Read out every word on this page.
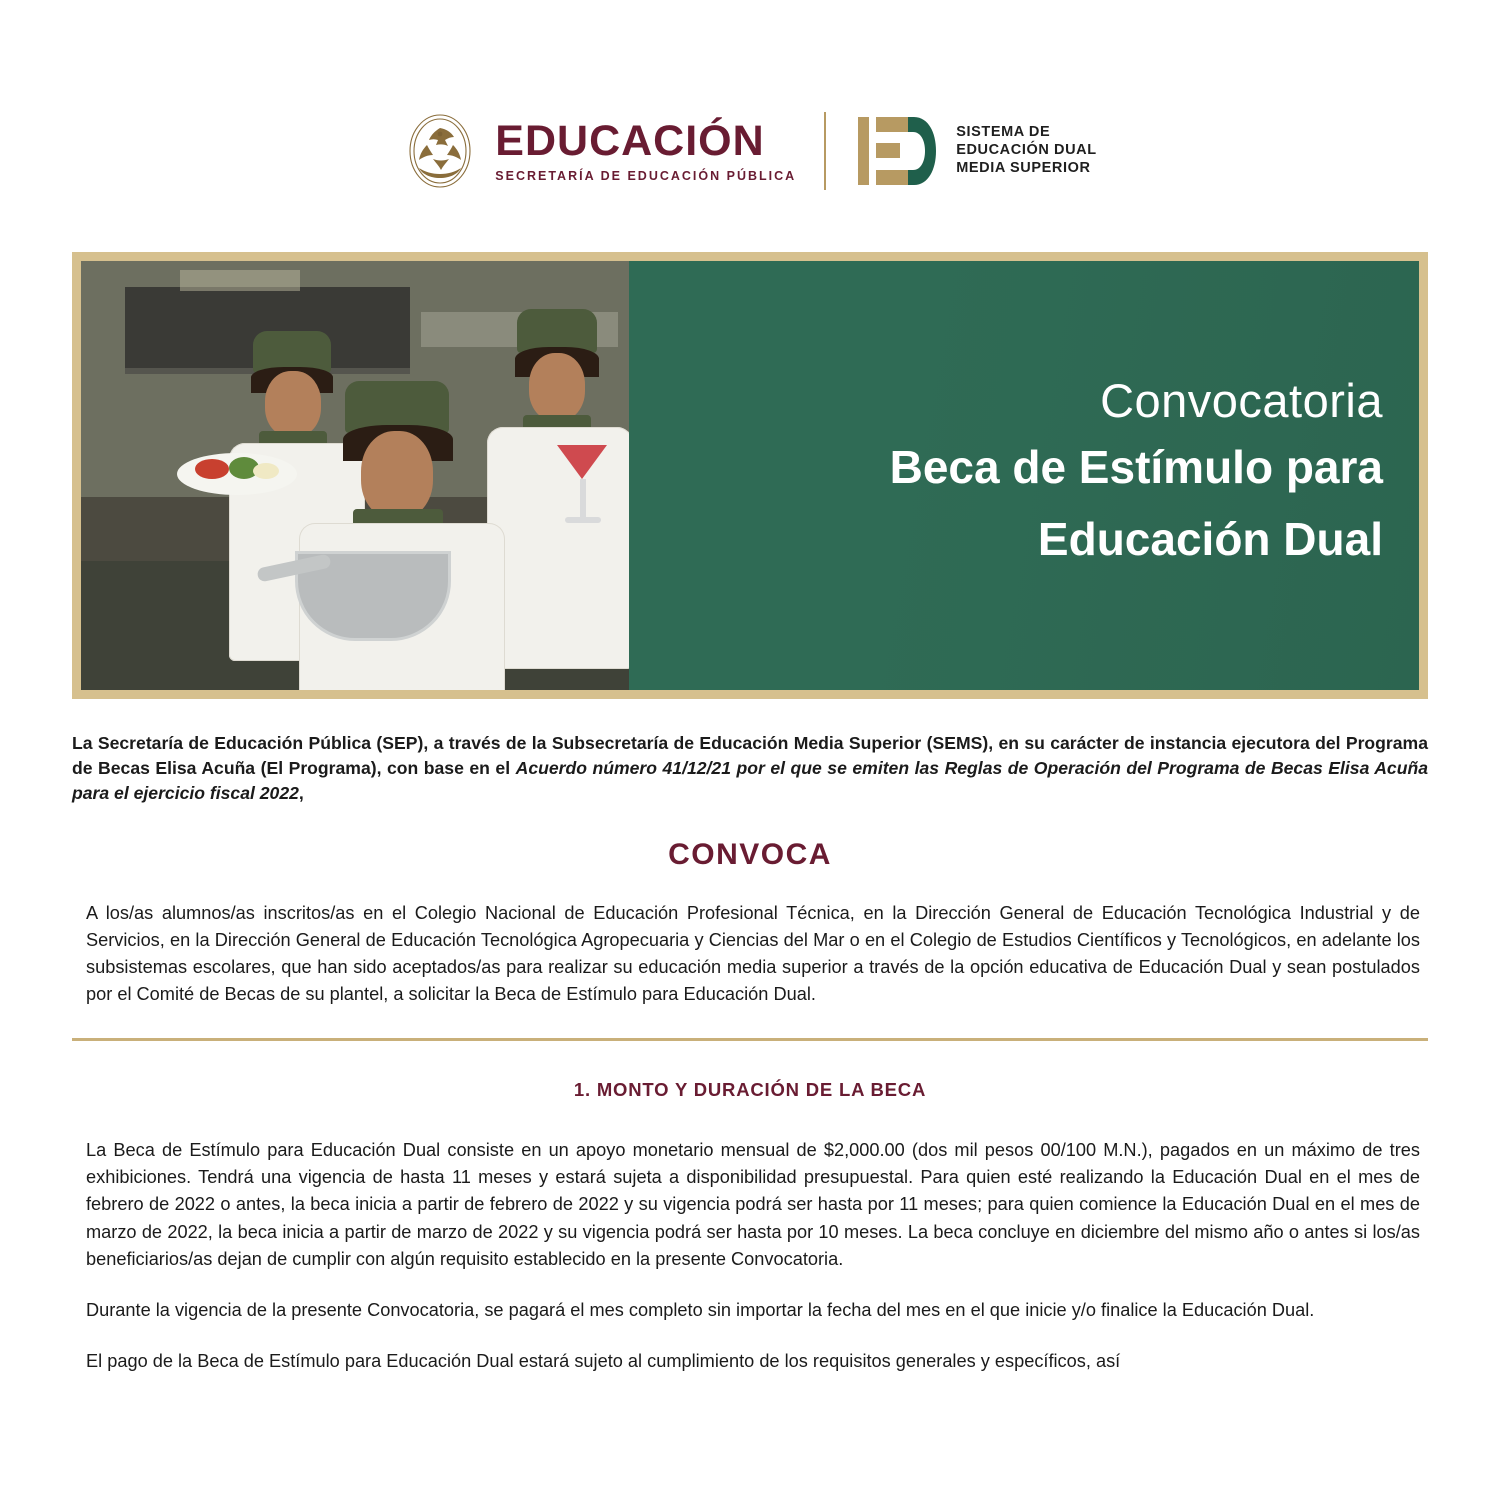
EDUCACIÓN
SECRETARÍA DE EDUCACIÓN PÚBLICA
SISTEMA DE
EDUCACIÓN DUAL
MEDIA SUPERIOR
Convocatoria
Beca de Estímulo para
Educación Dual

La Secretaría de Educación Pública (SEP), a través de la Subsecretaría de Educación Media Superior (SEMS), en su carácter de instancia ejecutora del Programa de Becas Elisa Acuña (El Programa), con base en el Acuerdo número 41/12/21 por el que se emiten las Reglas de Operación del Programa de Becas Elisa Acuña para el ejercicio fiscal 2022,

CONVOCA

A los/as alumnos/as inscritos/as en el Colegio Nacional de Educación Profesional Técnica, en la Dirección General de Educación Tecnológica Industrial y de Servicios, en la Dirección General de Educación Tecnológica Agropecuaria y Ciencias del Mar o en el Colegio de Estudios Científicos y Tecnológicos, en adelante los subsistemas escolares, que han sido aceptados/as para realizar su educación media superior a través de la opción educativa de Educación Dual y sean postulados por el Comité de Becas de su plantel, a solicitar la Beca de Estímulo para Educación Dual.

1. MONTO Y DURACIÓN DE LA BECA

La Beca de Estímulo para Educación Dual consiste en un apoyo monetario mensual de $2,000.00 (dos mil pesos 00/100 M.N.), pagados en un máximo de tres exhibiciones. Tendrá una vigencia de hasta 11 meses y estará sujeta a disponibilidad presupuestal. Para quien esté realizando la Educación Dual en el mes de febrero de 2022 o antes, la beca inicia a partir de febrero de 2022 y su vigencia podrá ser hasta por 11 meses; para quien comience la Educación Dual en el mes de marzo de 2022, la beca inicia a partir de marzo de 2022 y su vigencia podrá ser hasta por 10 meses. La beca concluye en diciembre del mismo año o antes si los/as beneficiarios/as dejan de cumplir con algún requisito establecido en la presente Convocatoria.

Durante la vigencia de la presente Convocatoria, se pagará el mes completo sin importar la fecha del mes en el que inicie y/o finalice la Educación Dual.

El pago de la Beca de Estímulo para Educación Dual estará sujeto al cumplimiento de los requisitos generales y específicos, así
